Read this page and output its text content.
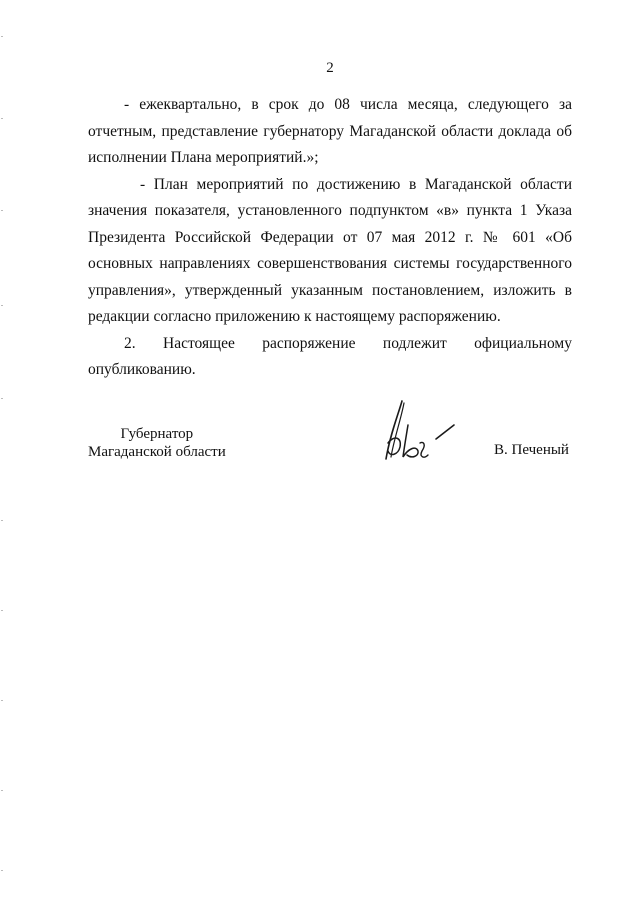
2

- ежеквартально, в срок до 08 числа месяца, следующего за отчетным, представление губернатору Магаданской области доклада об исполнении Плана мероприятий.»;

- План мероприятий по достижению в Магаданской области значения показателя, установленного подпунктом «в» пункта 1 Указа Президента Российской Федерации от 07 мая 2012 г. № 601 «Об основных направлениях совершенствования системы государственного управления», утвержденный указанным постановлением, изложить в редакции согласно приложению к настоящему распоряжению.

2. Настоящее распоряжение подлежит официальному опубликованию.

Губернатор
Магаданской области	В. Печеный
